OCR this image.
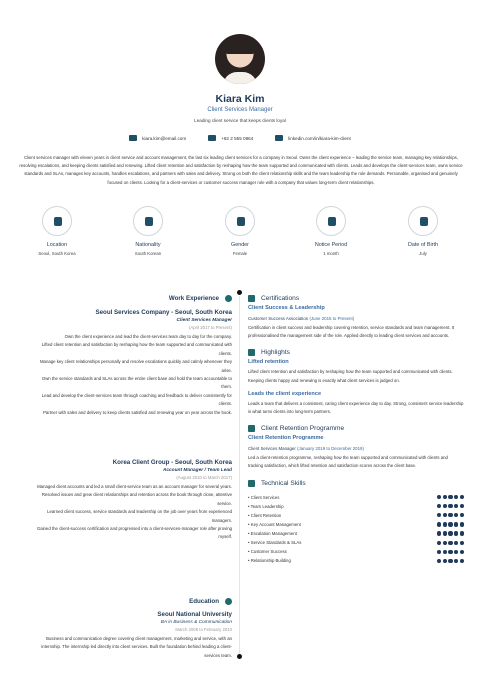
Kiara Kim
Client Services Manager
Leading client service that keeps clients loyal
kiara.kim@email.com	+82 2 555 0864	linkedin.com/in/kiara-kim-client
Client services manager with eleven years in client service and account management, the last six leading client services for a company in Seoul. Owns the client experience – leading the service team, managing key relationships, resolving escalations, and keeping clients satisfied and renewing. Lifted client retention and satisfaction by reshaping how the team supported and communicated with clients. Leads and develops the client-services team, owns service standards and SLAs, manages key accounts, handles escalations, and partners with sales and delivery. Strong on both the client relationship skills and the team leadership the role demands. Personable, organised and genuinely focused on clients. Looking for a client-services or customer success manager role with a company that values long-term client relationships.
Location
Seoul, South Korea
Nationality
South Korean
Gender
Female
Notice Period
1 month
Date of Birth
July
Work Experience
Seoul Services Company - Seoul, South Korea
Client Services Manager
(April 2017 to Present)
Own the client experience and lead the client-services team day to day for the company.
Lifted client retention and satisfaction by reshaping how the team supported and communicated with clients.
Manage key client relationships personally and resolve escalations quickly and calmly whenever they arise.
Own the service standards and SLAs across the entire client base and hold the team accountable to them.
Lead and develop the client-services team through coaching and feedback to deliver consistently for clients.
Partner with sales and delivery to keep clients satisfied and renewing year on year across the book.
Korea Client Group - Seoul, South Korea
Account Manager / Team Lead
(August 2010 to March 2017)
Managed client accounts and led a small client-service team as an account manager for several years.
Resolved issues and grew client relationships and retention across the book through close, attentive service.
Learned client success, service standards and leadership on the job over years from experienced managers.
Gained the client-success certification and progressed into a client-services-manager role after proving myself.
Education
Seoul National University
BA in Business & Communication
March 2006 to February 2010
Business and communication degree covering client management, marketing and service, with an internship. The internship led directly into client services. Built the foundation behind leading a client-services team.
Certifications
Client Success & Leadership
Customer Success Association (June 2015 to Present)
Certification in client success and leadership covering retention, service standards and team management. It professionalised the management side of the role. Applied directly to leading client services and accounts.
Highlights
Lifted retention
Lifted client retention and satisfaction by reshaping how the team supported and communicated with clients. Keeping clients happy and renewing is exactly what client services is judged on.
Leads the client experience
Leads a team that delivers a consistent, caring client experience day to day. Strong, consistent service leadership is what turns clients into long-term partners.
Client Retention Programme
Client Retention Programme
Client Services Manager (January 2019 to December 2019)
Led a client-retention programme, reshaping how the team supported and communicated with clients and tracking satisfaction, which lifted retention and satisfaction scores across the client base.
Technical Skills
• Client Services
• Team Leadership
• Client Retention
• Key Account Management
• Escalation Management
• Service Standards & SLAs
• Customer Success
• Relationship Building
